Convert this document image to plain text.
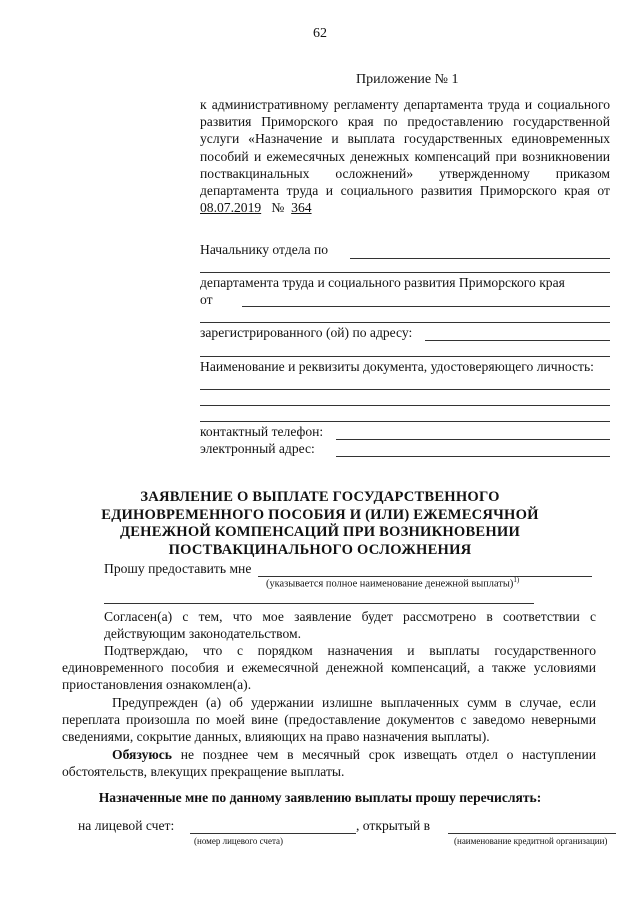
62
Приложение № 1
к административному регламенту департамента труда и социального развития Приморского края по предоставлению государственной услуги «Назначение и выплата государственных единовременных пособий и ежемесячных денежных компенсаций при возникновении поствакцинальных осложнений» утвержденному приказом департамента труда и социального развития Приморского края от 08.07.2019 № 364
Начальнику отдела по
департамента труда и социального развития Приморского края
от
зарегистрированного (ой) по адресу:
Наименование и реквизиты документа, удостоверяющего личность:
контактный телефон:
электронный адрес:
ЗАЯВЛЕНИЕ О ВЫПЛАТЕ ГОСУДАРСТВЕННОГО
ЕДИНОВРЕМЕННОГО ПОСОБИЯ И (ИЛИ) ЕЖЕМЕСЯЧНОЙ
ДЕНЕЖНОЙ КОМПЕНСАЦИЙ ПРИ ВОЗНИКНОВЕНИИ
ПОСТВАКЦИНАЛЬНОГО ОСЛОЖНЕНИЯ
Прошу предоставить мне
(указывается полное наименование денежной выплаты)$^{1)}$
Согласен(а) с тем, что мое заявление будет рассмотрено в соответствии с действующим законодательством.
Подтверждаю, что с порядком назначения и выплаты государственного единовременного пособия и ежемесячной денежной компенсаций, а также условиями приостановления ознакомлен(а).
Предупрежден (а) об удержании излишне выплаченных сумм в случае, если переплата произошла по моей вине (предоставление документов с заведомо неверными сведениями, сокрытие данных, влияющих на право назначения выплаты).
Обязуюсь не позднее чем в месячный срок извещать отдел о наступлении обстоятельств, влекущих прекращение выплаты.
Назначенные мне по данному заявлению выплаты прошу перечислять:
на лицевой счет:	, открытый в
(номер лицевого счета)	(наименование кредитной организации)
